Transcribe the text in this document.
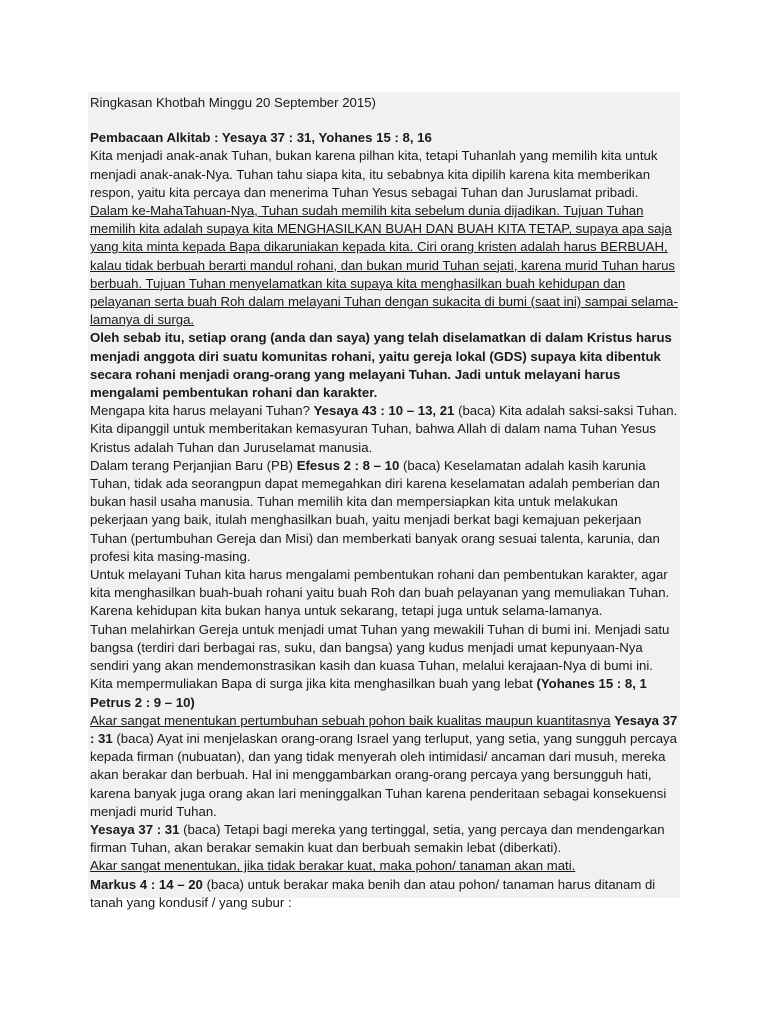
Ringkasan Khotbah Minggu 20 September 2015)

Pembacaan Alkitab : Yesaya 37 : 31, Yohanes 15 : 8, 16

Kita menjadi anak-anak Tuhan, bukan karena pilhan kita, tetapi Tuhanlah yang memilih kita untuk menjadi anak-anak-Nya. Tuhan tahu siapa kita, itu sebabnya kita dipilih karena kita memberikan respon, yaitu kita percaya dan menerima Tuhan Yesus sebagai Tuhan dan Juruslamat pribadi.

Dalam ke-MahaTahuan-Nya, Tuhan sudah memilih kita sebelum dunia dijadikan. Tujuan Tuhan memilih kita adalah supaya kita MENGHASILKAN BUAH DAN BUAH KITA TETAP, supaya apa saja yang kita minta kepada Bapa dikaruniakan kepada kita. Ciri orang kristen adalah harus BERBUAH, kalau tidak berbuah berarti mandul rohani, dan bukan murid Tuhan sejati, karena murid Tuhan harus berbuah. Tujuan Tuhan menyelamatkan kita supaya kita menghasilkan buah kehidupan dan pelayanan serta buah Roh dalam melayani Tuhan dengan sukacita di bumi (saat ini) sampai selama-lamanya di surga.

Oleh sebab itu, setiap orang (anda dan saya) yang telah diselamatkan di dalam Kristus harus menjadi anggota diri suatu komunitas rohani, yaitu gereja lokal (GDS) supaya kita dibentuk secara rohani menjadi orang-orang yang melayani Tuhan. Jadi untuk melayani harus mengalami pembentukan rohani dan karakter.

Mengapa kita harus melayani Tuhan? Yesaya 43 : 10 – 13, 21 (baca) Kita adalah saksi-saksi Tuhan. Kita dipanggil untuk memberitakan kemasyuran Tuhan, bahwa Allah di dalam nama Tuhan Yesus Kristus adalah Tuhan dan Juruselamat manusia.

Dalam terang Perjanjian Baru (PB) Efesus 2 : 8 – 10 (baca) Keselamatan adalah kasih karunia Tuhan, tidak ada seorangpun dapat memegahkan diri karena keselamatan adalah pemberian dan bukan hasil usaha manusia. Tuhan memilih kita dan mempersiapkan kita untuk melakukan pekerjaan yang baik, itulah menghasilkan buah, yaitu menjadi berkat bagi kemajuan pekerjaan Tuhan (pertumbuhan Gereja dan Misi) dan memberkati banyak orang sesuai talenta, karunia, dan profesi kita masing-masing.

Untuk melayani Tuhan kita harus mengalami pembentukan rohani dan pembentukan karakter, agar kita menghasilkan buah-buah rohani yaitu buah Roh dan buah pelayanan yang memuliakan Tuhan. Karena kehidupan kita bukan hanya untuk sekarang, tetapi juga untuk selama-lamanya.

Tuhan melahirkan Gereja untuk menjadi umat Tuhan yang mewakili Tuhan di bumi ini. Menjadi satu bangsa (terdiri dari berbagai ras, suku, dan bangsa) yang kudus menjadi umat kepunyaan-Nya sendiri yang akan mendemonstrasikan kasih dan kuasa Tuhan, melalui kerajaan-Nya di bumi ini.

Kita mempermuliakan Bapa di surga jika kita menghasilkan buah yang lebat (Yohanes 15 : 8, 1 Petrus 2 : 9 – 10)

Akar sangat menentukan pertumbuhan sebuah pohon baik kualitas maupun kuantitasnya Yesaya 37 : 31 (baca) Ayat ini menjelaskan orang-orang Israel yang terluput, yang setia, yang sungguh percaya kepada firman (nubuatan), dan yang tidak menyerah oleh intimidasi/ ancaman dari musuh, mereka akan berakar dan berbuah. Hal ini menggambarkan orang-orang percaya yang bersungguh hati, karena banyak juga orang akan lari meninggalkan Tuhan karena penderitaan sebagai konsekuensi menjadi murid Tuhan.

Yesaya 37 : 31 (baca) Tetapi bagi mereka yang tertinggal, setia, yang percaya dan mendengarkan firman Tuhan, akan berakar semakin kuat dan berbuah semakin lebat (diberkati).

Akar sangat menentukan, jika tidak berakar kuat, maka pohon/ tanaman akan mati.

Markus 4 : 14 – 20 (baca) untuk berakar maka benih dan atau pohon/ tanaman harus ditanam di tanah yang kondusif / yang subur :
